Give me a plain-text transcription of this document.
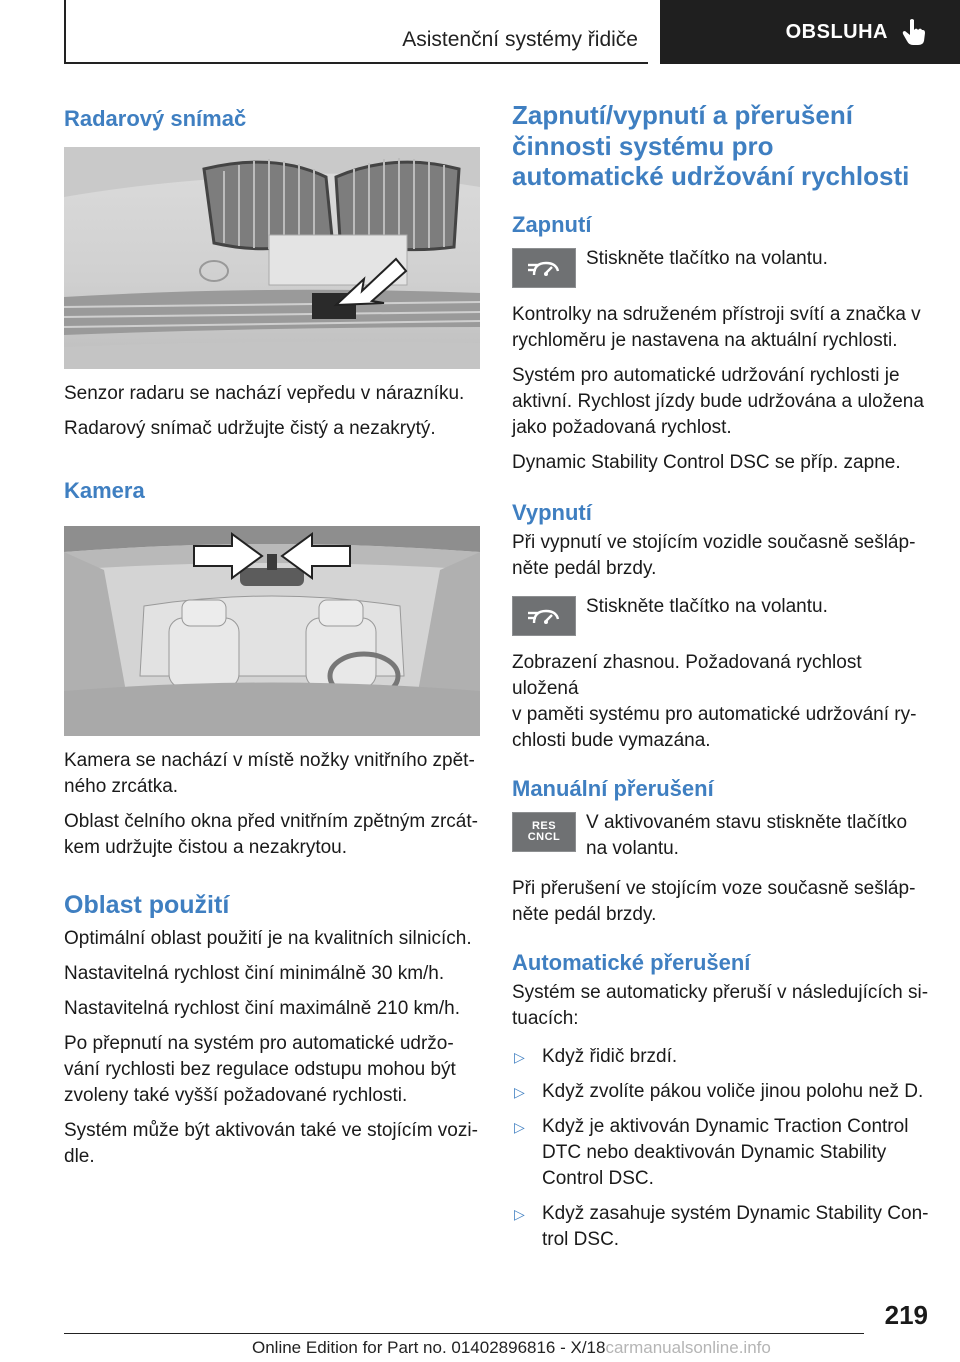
Asistenční systémy řidiče	OBSLUHA
Radarový snímač

Senzor radaru se nachází vepředu v nárazníku.

Radarový snímač udržujte čistý a nezakrytý.

Kamera

Kamera se nachází v místě nožky vnitřního zpět-
ného zrcátka.

Oblast čelního okna před vnitřním zpětným zrcát-
kem udržujte čistou a nezakrytou.

Oblast použití

Optimální oblast použití je na kvalitních silnicích.

Nastavitelná rychlost činí minimálně 30 km/h.

Nastavitelná rychlost činí maximálně 210 km/h.

Po přepnutí na systém pro automatické udržo-
vání rychlosti bez regulace odstupu mohou být
zvoleny také vyšší požadované rychlosti.

Systém může být aktivován také ve stojícím vozi-
dle.

Zapnutí/vypnutí a přerušení činnosti systému pro automatické udržování rychlosti
Zapnutí

Stiskněte tlačítko na volantu.

Kontrolky na sdruženém přístroji svítí a značka v
rychloměru je nastavena na aktuální rychlosti.

Systém pro automatické udržování rychlosti je
aktivní. Rychlost jízdy bude udržována a uložena
jako požadovaná rychlost.

Dynamic Stability Control DSC se příp. zapne.

Vypnutí

Při vypnutí ve stojícím vozidle současně sešláp-
něte pedál brzdy.

Stiskněte tlačítko na volantu.

Zobrazení zhasnou. Požadovaná rychlost uložená
v paměti systému pro automatické udržování ry-
chlosti bude vymazána.

Manuální přerušení
RES
CNCL

V aktivovaném stavu stiskněte tlačítko
na volantu.

Při přerušení ve stojícím voze současně sešláp-
něte pedál brzdy.

Automatické přerušení

Systém se automaticky přeruší v následujících si-
tuacích:

▷ Když řidič brzdí.
▷ Když zvolíte pákou voliče jinou polohu než D.
▷ Když je aktivován Dynamic Traction Control
DTC nebo deaktivován Dynamic Stability
Control DSC.
▷ Když zasahuje systém Dynamic Stability Con-
trol DSC.
219
Online Edition for Part no. 01402896816 - X/18carmanualsonline.info
